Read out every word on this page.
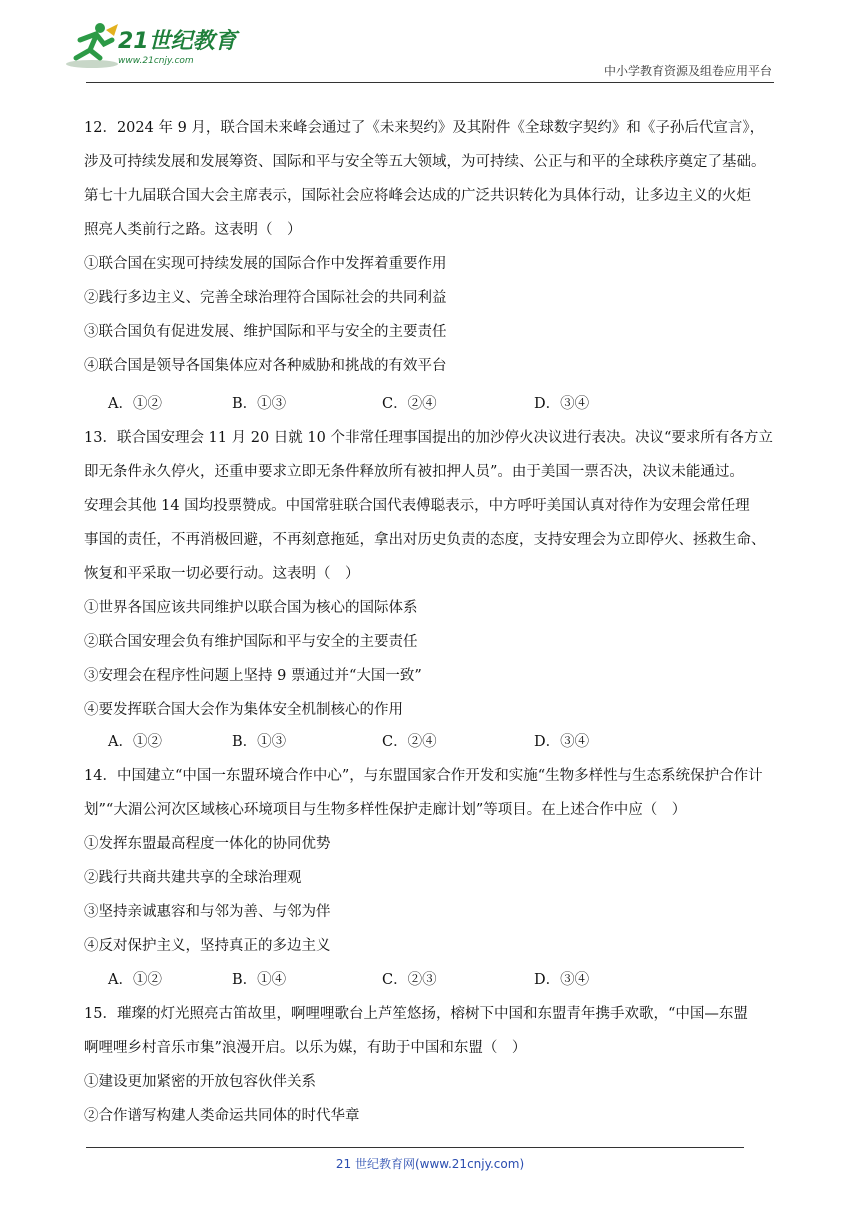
21世纪教育
www.21cnjy.com
中小学教育资源及组卷应用平台
12．2024 年 9 月，联合国未来峰会通过了《未来契约》及其附件《全球数字契约》和《子孙后代宣言》，
涉及可持续发展和发展筹资、国际和平与安全等五大领域，为可持续、公正与和平的全球秩序奠定了基础。
第七十九届联合国大会主席表示，国际社会应将峰会达成的广泛共识转化为具体行动，让多边主义的火炬
照亮人类前行之路。这表明（　）
①联合国在实现可持续发展的国际合作中发挥着重要作用
②践行多边主义、完善全球治理符合国际社会的共同利益
③联合国负有促进发展、维护国际和平与安全的主要责任
④联合国是领导各国集体应对各种威胁和挑战的有效平台
A．①②	B．①③	C．②④	D．③④
13．联合国安理会 11 月 20 日就 10 个非常任理事国提出的加沙停火决议进行表决。决议“要求所有各方立
即无条件永久停火，还重申要求立即无条件释放所有被扣押人员”。由于美国一票否决，决议未能通过。
安理会其他 14 国均投票赞成。中国常驻联合国代表傅聪表示，中方呼吁美国认真对待作为安理会常任理
事国的责任，不再消极回避，不再刻意拖延，拿出对历史负责的态度，支持安理会为立即停火、拯救生命、
恢复和平采取一切必要行动。这表明（　）
①世界各国应该共同维护以联合国为核心的国际体系
②联合国安理会负有维护国际和平与安全的主要责任
③安理会在程序性问题上坚持 9 票通过并“大国一致”
④要发挥联合国大会作为集体安全机制核心的作用
A．①②	B．①③	C．②④	D．③④
14．中国建立“中国一东盟环境合作中心”，与东盟国家合作开发和实施“生物多样性与生态系统保护合作计
划”“大湄公河次区域核心环境项目与生物多样性保护走廊计划”等项目。在上述合作中应（　）
①发挥东盟最高程度一体化的协同优势
②践行共商共建共享的全球治理观
③坚持亲诚惠容和与邻为善、与邻为伴
④反对保护主义，坚持真正的多边主义
A．①②	B．①④	C．②③	D．③④
15．璀璨的灯光照亮古笛故里，啊哩哩歌台上芦笙悠扬，榕树下中国和东盟青年携手欢歌，“中国—东盟
啊哩哩乡村音乐市集”浪漫开启。以乐为媒，有助于中国和东盟（　）
①建设更加紧密的开放包容伙伴关系
②合作谱写构建人类命运共同体的时代华章
21 世纪教育网(www.21cnjy.com)
